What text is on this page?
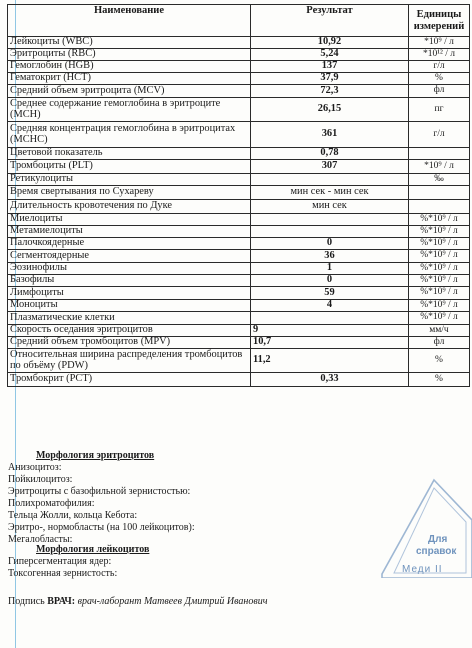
Наименование	Результат	Единицы
измерений
Лейкоциты (WBC)	10,92	*10⁹ / л
Эритроциты (RBC)	5,24	*10¹² / л
Гемоглобин (HGB)	137	г/л
Гематокрит (HCT)	37,9	%
Средний объем эритроцита (MCV)	72,3	фл
Среднее содержание гемоглобина в эритроците (MCH)	26,15	пг
Средняя концентрация гемоглобина в эритроцитах (MCHC)	361	г/л
Цветовой показатель	0,78	
Тромбоциты (PLT)	307	*10⁹ / л
Ретикулоциты		‰
Время свертывания по Сухареву	мин сек - мин сек	
Длительность кровотечения по Дуке	мин сек	
Миелоциты		%*10⁹ / л
Метамиелоциты		%*10⁹ / л
Палочкоядерные	0	%*10⁹ / л
Сегментоядерные	36	%*10⁹ / л
Эозинофилы	1	%*10⁹ / л
Базофилы	0	%*10⁹ / л
Лимфоциты	59	%*10⁹ / л
Моноциты	4	%*10⁹ / л
Плазматические клетки		%*10⁹ / л
Скорость оседания эритроцитов	9	мм/ч
Средний объем тромбоцитов (MPV)	10,7	фл
Относительная ширина распределения тромбоцитов по объёму (PDW)	11,2	%
Тромбокрит (PCT)	0,33	%
Морфология эритроцитов
Анизоцитоз:
Пойкилоцитоз:
Эритроциты с базофильной зернистостью:
Полихроматофилия:
Тельца Жолли, кольца Кебота:
Эритро-, нормобласты (на 100 лейкоцитов):
Мегалобласты:
Морфология лейкоцитов
Гиперсегментация ядер:
Токсогенная зернистость:
Подпись ВРАЧ: врач-лаборант Матвеев Дмитрий Иванович
Для
справок
Меди II
